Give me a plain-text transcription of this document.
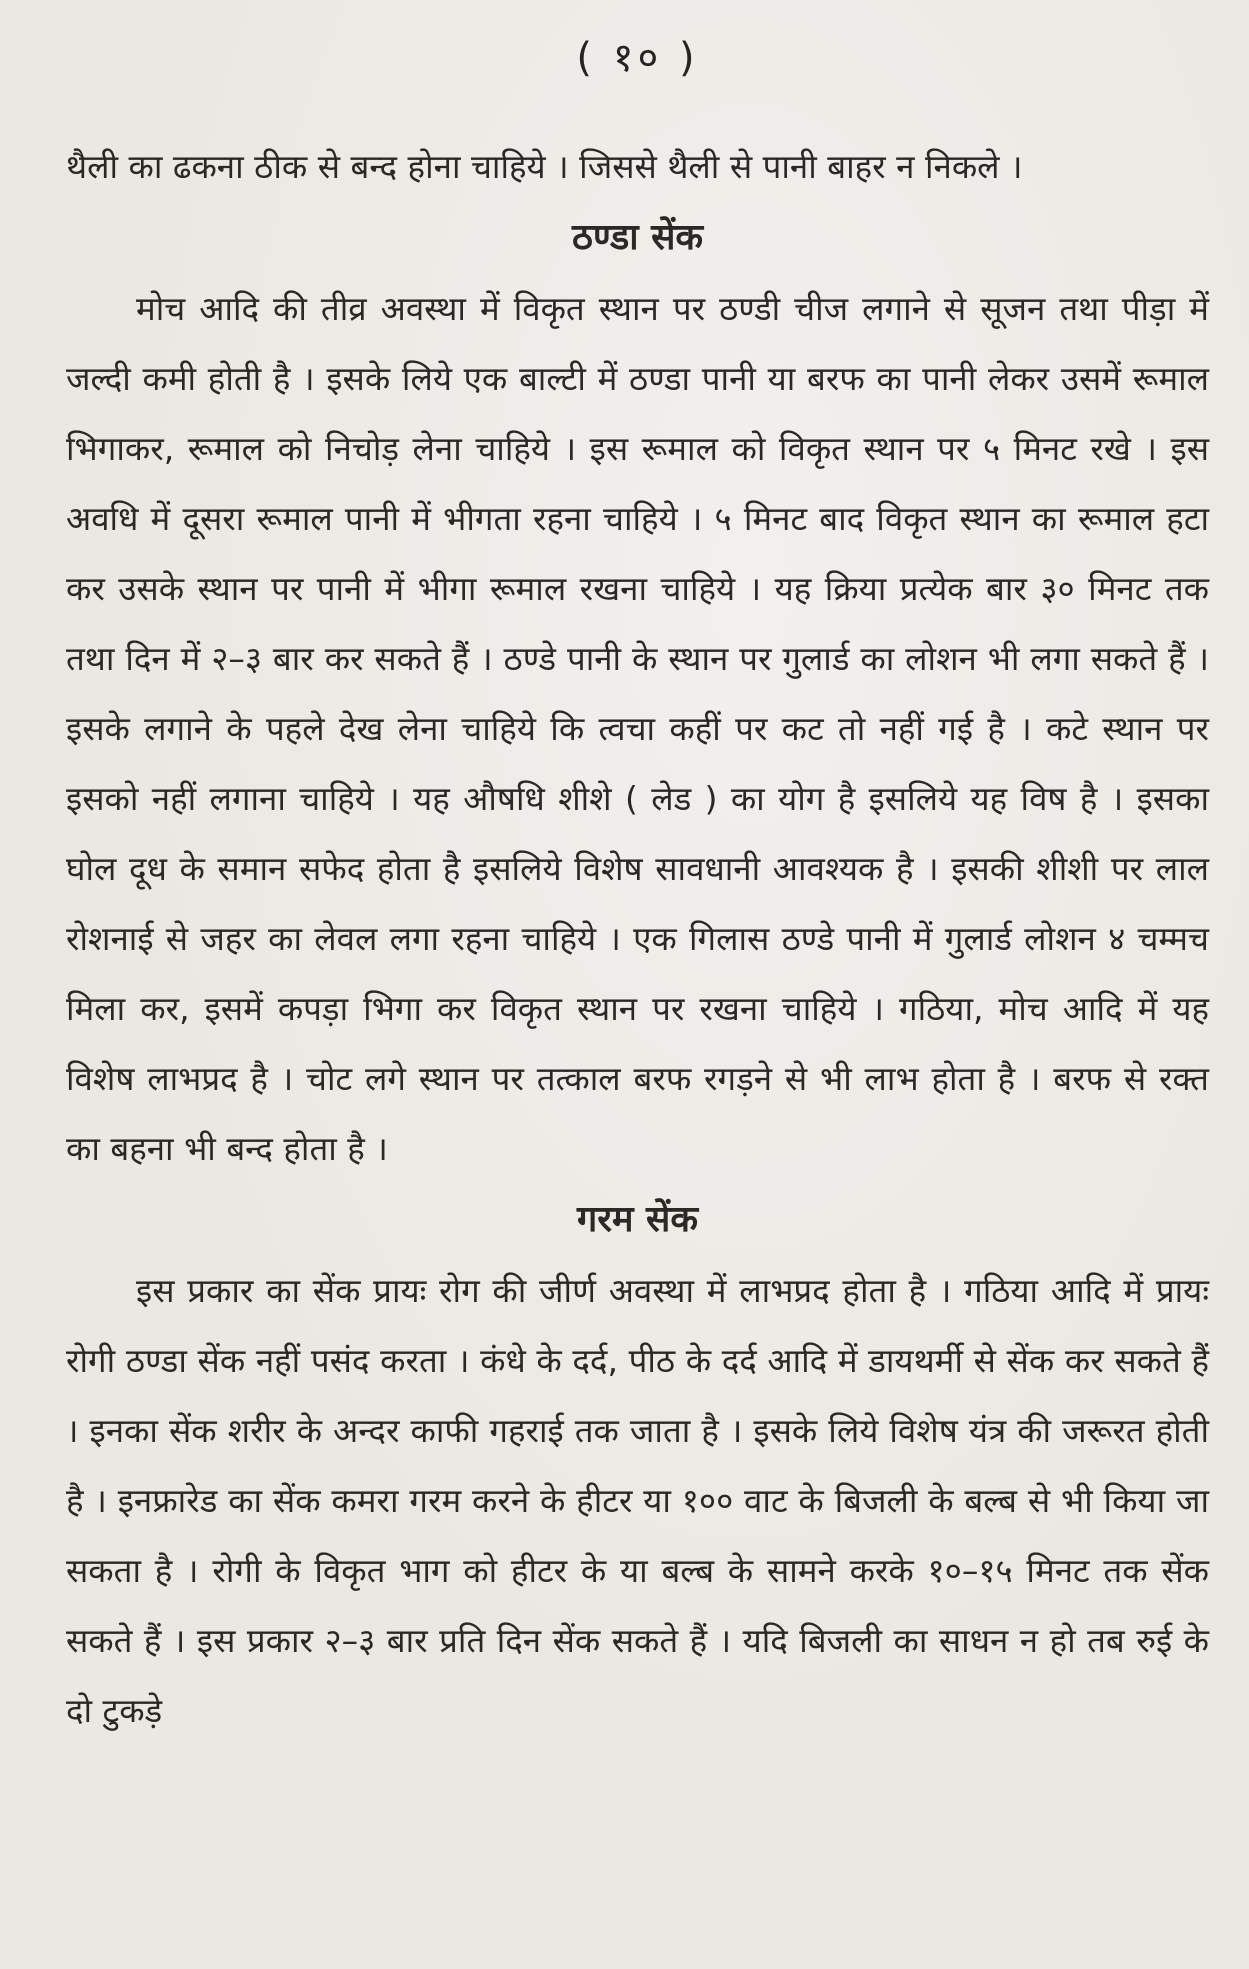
( १० )

थैली का ढकना ठीक से बन्द होना चाहिये । जिससे थैली से पानी बाहर न निकले ।

ठण्डा सेंक

मोच आदि की तीव्र अवस्था में विकृत स्थान पर ठण्डी चीज लगाने से सूजन तथा पीड़ा में जल्दी कमी होती है । इसके लिये एक बाल्टी में ठण्डा पानी या बरफ का पानी लेकर उसमें रूमाल भिगाकर, रूमाल को निचोड़ लेना चाहिये । इस रूमाल को विकृत स्थान पर ५ मिनट रखे । इस अवधि में दूसरा रूमाल पानी में भीगता रहना चाहिये । ५ मिनट बाद विकृत स्थान का रूमाल हटा कर उसके स्थान पर पानी में भीगा रूमाल रखना चाहिये । यह क्रिया प्रत्येक बार ३० मिनट तक तथा दिन में २–३ बार कर सकते हैं । ठण्डे पानी के स्थान पर गुलार्ड का लोशन भी लगा सकते हैं । इसके लगाने के पहले देख लेना चाहिये कि त्वचा कहीं पर कट तो नहीं गई है । कटे स्थान पर इसको नहीं लगाना चाहिये । यह औषधि शीशे ( लेड ) का योग है इसलिये यह विष है । इसका घोल दूध के समान सफेद होता है इसलिये विशेष सावधानी आवश्यक है । इसकी शीशी पर लाल रोशनाई से जहर का लेवल लगा रहना चाहिये । एक गिलास ठण्डे पानी में गुलार्ड लोशन ४ चम्मच मिला कर, इसमें कपड़ा भिगा कर विकृत स्थान पर रखना चाहिये । गठिया, मोच आदि में यह विशेष लाभप्रद है । चोट लगे स्थान पर तत्काल बरफ रगड़ने से भी लाभ होता है । बरफ से रक्त का बहना भी बन्द होता है ।

गरम सेंक

इस प्रकार का सेंक प्रायः रोग की जीर्ण अवस्था में लाभप्रद होता है । गठिया आदि में प्रायः रोगी ठण्डा सेंक नहीं पसंद करता । कंधे के दर्द, पीठ के दर्द आदि में डायथर्मी से सेंक कर सकते हैं । इनका सेंक शरीर के अन्दर काफी गहराई तक जाता है । इसके लिये विशेष यंत्र की जरूरत होती है । इनफ्रारेड का सेंक कमरा गरम करने के हीटर या १०० वाट के बिजली के बल्ब से भी किया जा सकता है । रोगी के विकृत भाग को हीटर के या बल्ब के सामने करके १०–१५ मिनट तक सेंक सकते हैं । इस प्रकार २–३ बार प्रति दिन सेंक सकते हैं । यदि बिजली का साधन न हो तब रुई के दो टुकड़े
